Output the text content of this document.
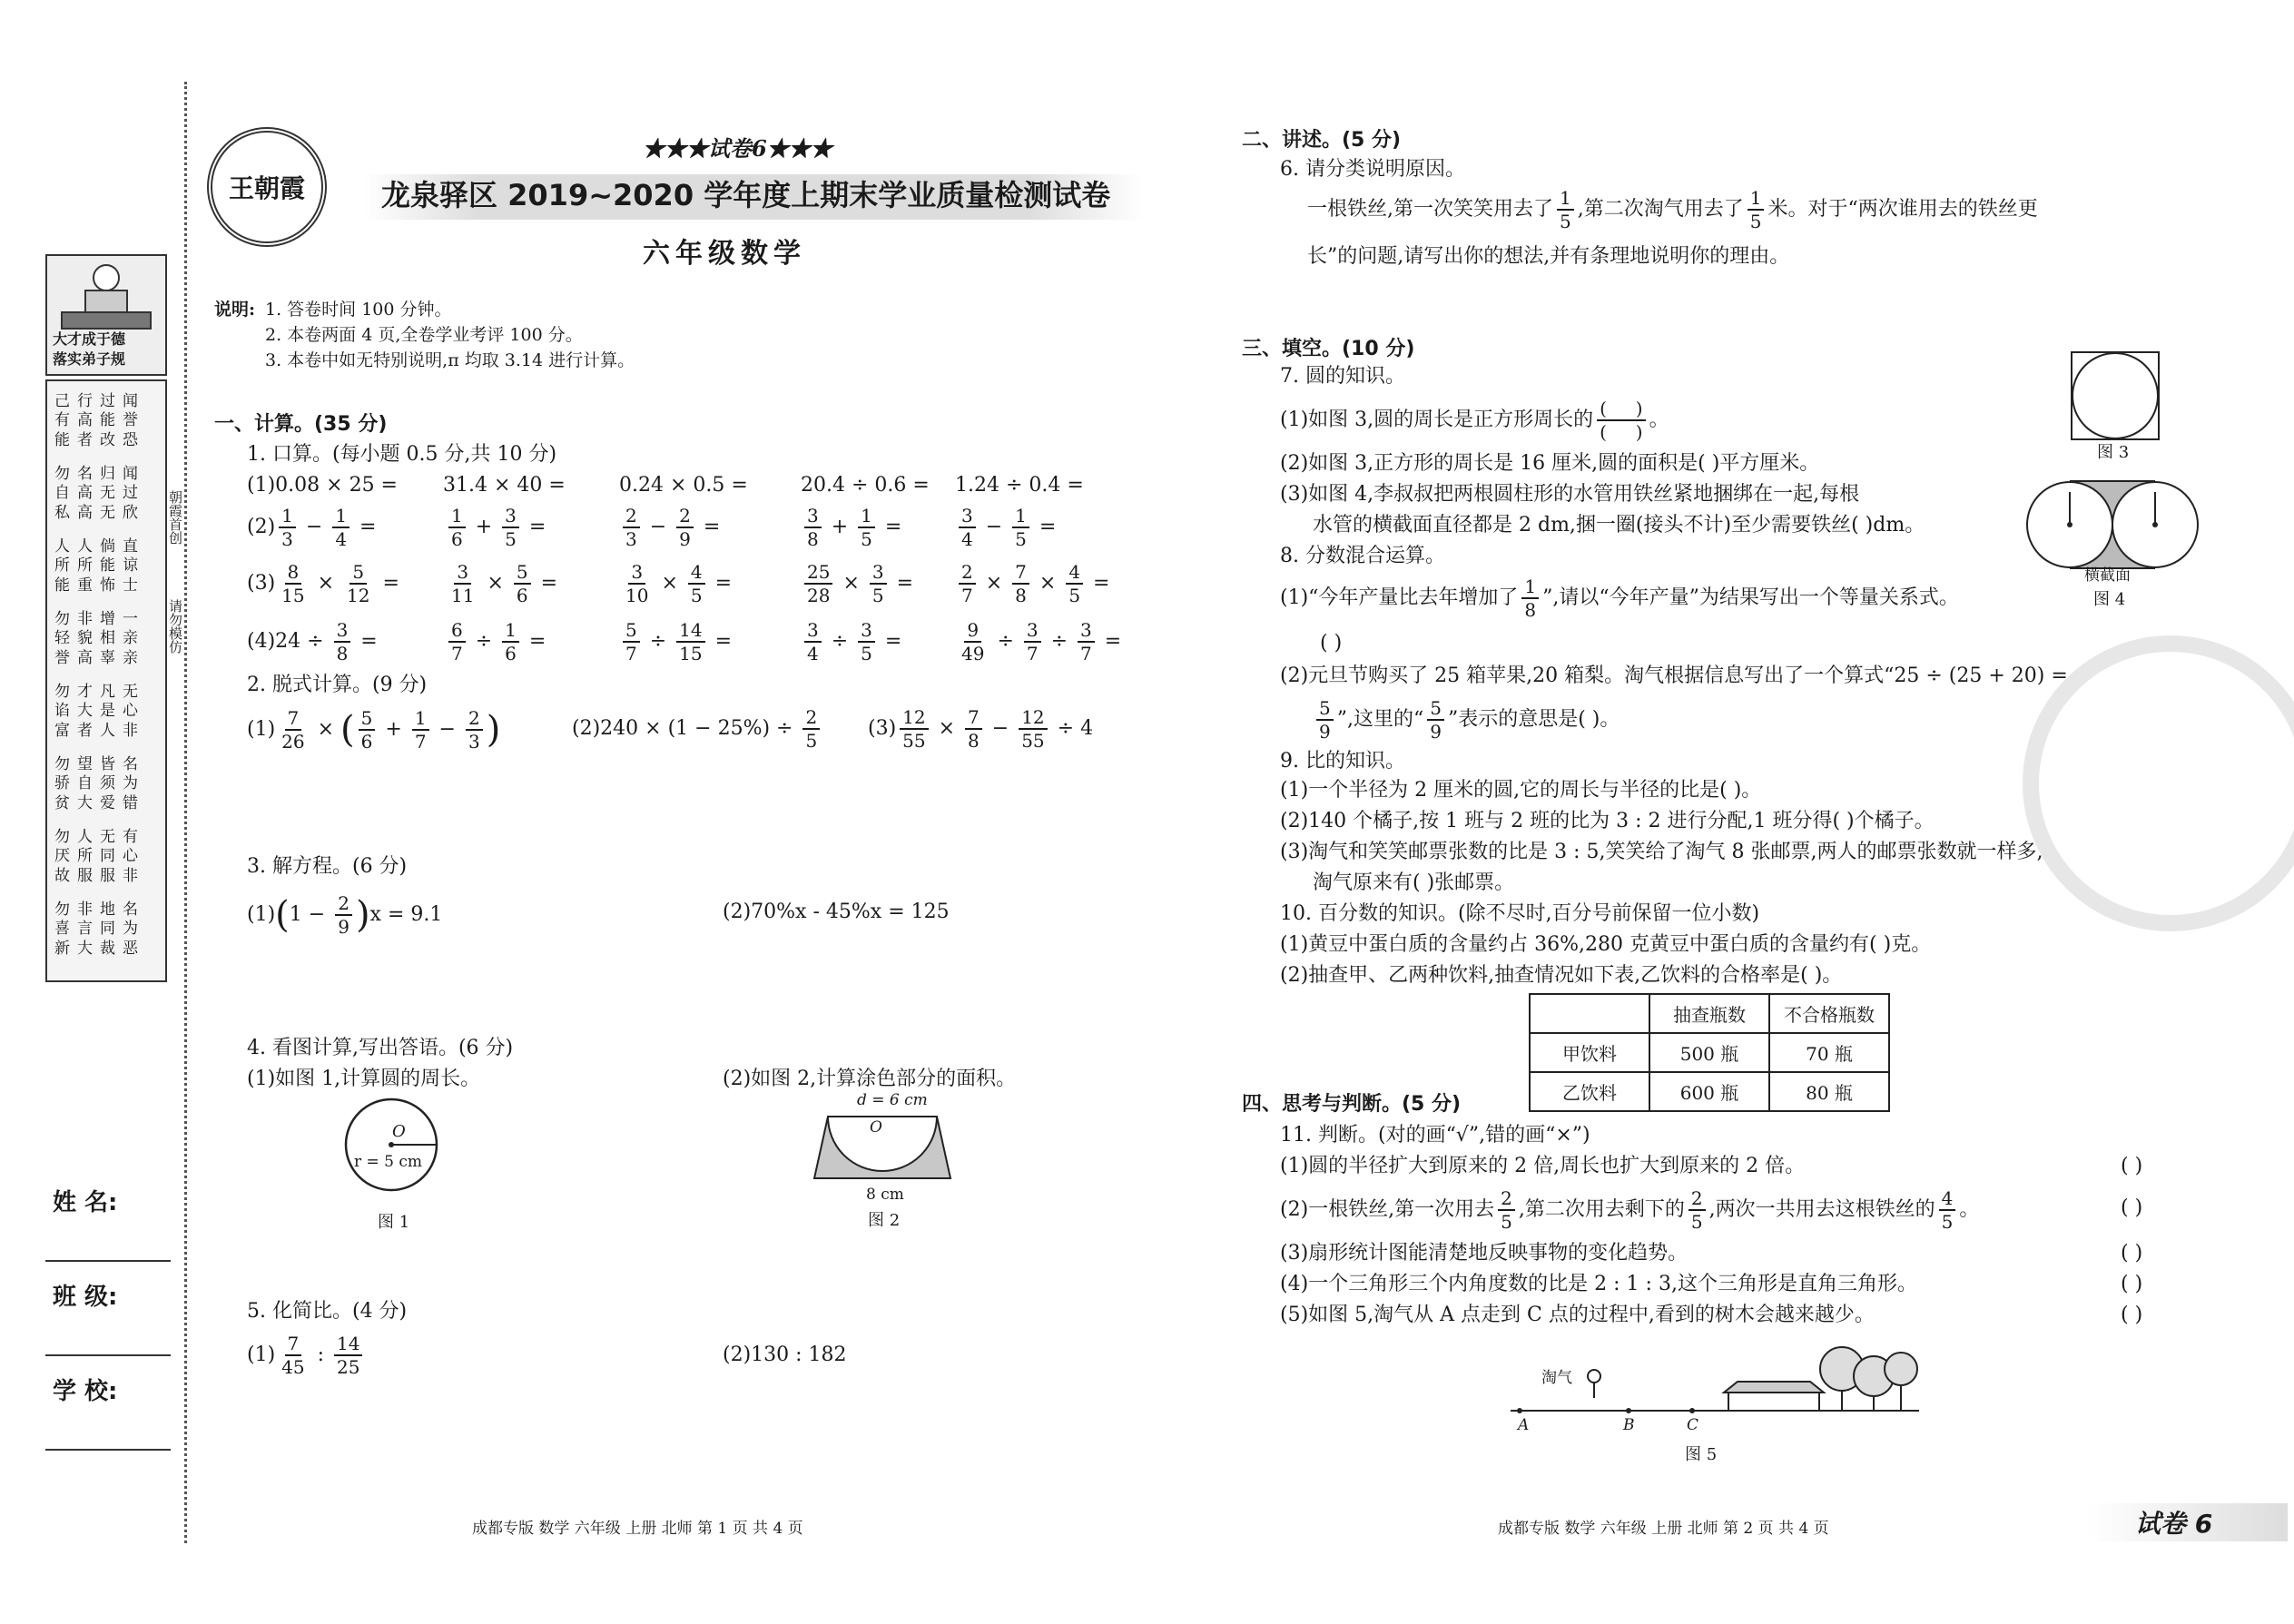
大才成于德
落实弟子规
己行过闻有高能誉能者改恐
勿名归闻自高无过私高无欣
人人倘直所所能谅能重怖士
勿非增一轻貌相亲誉高辜亲
勿才凡无谄大是心富者人非
勿望皆名骄自须为贫大爱错
勿人无有厌所同心故服服非
勿非地名喜言同为新大裁恶
朝霞首创
请勿模仿
姓 名:
班 级:
学 校:
王朝霞
★★★试卷6★★★
龙泉驿区 2019~2020 学年度上期末学业质量检测试卷
六年级数学
说明: 1. 答卷时间 100 分钟。
2. 本卷两面 4 页,全卷学业考评 100 分。
3. 本卷中如无特别说明,π 均取 3.14 进行计算。
一、计算。(35 分)
1. 口算。(每小题 0.5 分,共 10 分)
(1)0.08 × 25 = 31.4 × 40 =	0.24 × 0.5 =	20.4 ÷ 0.6 = 1.24 ÷ 0.4 =
$(2) \frac{1}{3} - \frac{1}{4}$ =	$\frac{1}{6} + \frac{3}{5}$ =	$\frac{2}{3} - \frac{2}{9}$ =	$\frac{3}{8} + \frac{1}{5}$ =	$\frac{3}{4} - \frac{1}{5}$ =
$(3) \frac{8}{15} \times \frac{5}{12}$ =	$\frac{3}{11} \times \frac{5}{6}$ =	$\frac{3}{10} \times \frac{4}{5}$ =	$\frac{25}{28} \times \frac{3}{5} = \frac{2}{7} \times \frac{7}{8} \times \frac{4}{5}$ =
$(4)24 \div \frac{3}{8}$ =	$\frac{6}{7} \div \frac{1}{6}$ =	$\frac{5}{7} \div \frac{14}{15}$ =	$\frac{3}{4} \div \frac{3}{5}$ =	$\frac{9}{49} \div \frac{3}{7} \div \frac{3}{7}$ =
2. 脱式计算。(9 分)
$(1) \frac{7}{26}$ × ( $\frac{5}{6} + \frac{1}{7} - \frac{2}{3}$ )	$(2)240 \times (1 - 25\%) \div \frac{2}{5} (3) \frac{12}{55} \times \frac{7}{8} - \frac{12}{55} \div 4$
3. 解方程。(6 分)
$(1)(1 - \frac{2}{9} )x = 9.1$	(2)70%x - 45%x = 125
4. 看图计算,写出答语。(6 分)
(1)如图 1,计算圆的周长。	(2)如图 2,计算涂色部分的面积。
O
r = 5 cm
图 1
d = 6 cm
O
8 cm
图 2
5. 化简比。(4 分)
$(1) \frac{7}{45}$ : $\frac{14}{25}$	(2)130 : 182
成都专版 数学 六年级 上册 北师 第 1 页 共 4 页
二、讲述。(5 分)
6. 请分类说明原因。
一根铁丝,第一次笑笑用去了 $\frac{1}{5}$ ,第二次淘气用去了 $\frac{1}{5}$ 米。对于“两次谁用去的铁丝更
长”的问题,请写出你的想法,并有条理地说明你的理由。
三、填空。(10 分)
7. 圆的知识。
(1)如图 3,圆的周长是正方形周长的 $\frac{( )}{( )}$ 。
(2)如图 3,正方形的周长是 16 厘米,圆的面积是( )平方厘米。
(3)如图 4,李叔叔把两根圆柱形的水管用铁丝紧地捆绑在一起,每根
水管的横截面直径都是 2 dm,捆一圈(接头不计)至少需要铁丝( )dm。
图 3
横截面
图 4
8. 分数混合运算。
(1)“今年产量比去年增加了 $\frac{1}{8}$ ”,请以“今年产量”为结果写出一个等量关系式。
( )
(2)元旦节购买了 25 箱苹果,20 箱梨。淘气根据信息写出了一个算式“25 ÷ (25 + 20) =
$\frac{5}{9}$ ”,这里的“ $\frac{5}{9}$ ”表示的意思是( )。
9. 比的知识。
(1)一个半径为 2 厘米的圆,它的周长与半径的比是( )。
(2)140 个橘子,按 1 班与 2 班的比为 3 : 2 进行分配,1 班分得( )个橘子。
(3)淘气和笑笑邮票张数的比是 3 : 5,笑笑给了淘气 8 张邮票,两人的邮票张数就一样多,
淘气原来有( )张邮票。
10. 百分数的知识。(除不尽时,百分号前保留一位小数)
(1)黄豆中蛋白质的含量约占 36%,280 克黄豆中蛋白质的含量约有( )克。
(2)抽查甲、乙两种饮料,抽查情况如下表,乙饮料的合格率是( )。
	抽查瓶数	不合格瓶数
甲饮料	500 瓶	70 瓶
乙饮料	600 瓶	80 瓶
四、思考与判断。(5 分)
11. 判断。(对的画“√”,错的画“×”)
(1)圆的半径扩大到原来的 2 倍,周长也扩大到原来的 2 倍。
(2)一根铁丝,第一次用去 $\frac{2}{5}$ ,第二次用去剩下的 $\frac{2}{5}$ ,两次一共用去这根铁丝的 $\frac{4}{5}$ 。
(3)扇形统计图能清楚地反映事物的变化趋势。
(4)一个三角形三个内角度数的比是 2 : 1 : 3,这个三角形是直角三角形。
(5)如图 5,淘气从 A 点走到 C 点的过程中,看到的树木会越来越少。
( )
( )
( )
( )
( )
淘气
A	B	C
图 5
成都专版 数学 六年级 上册 北师 第 2 页 共 4 页	试卷 6
